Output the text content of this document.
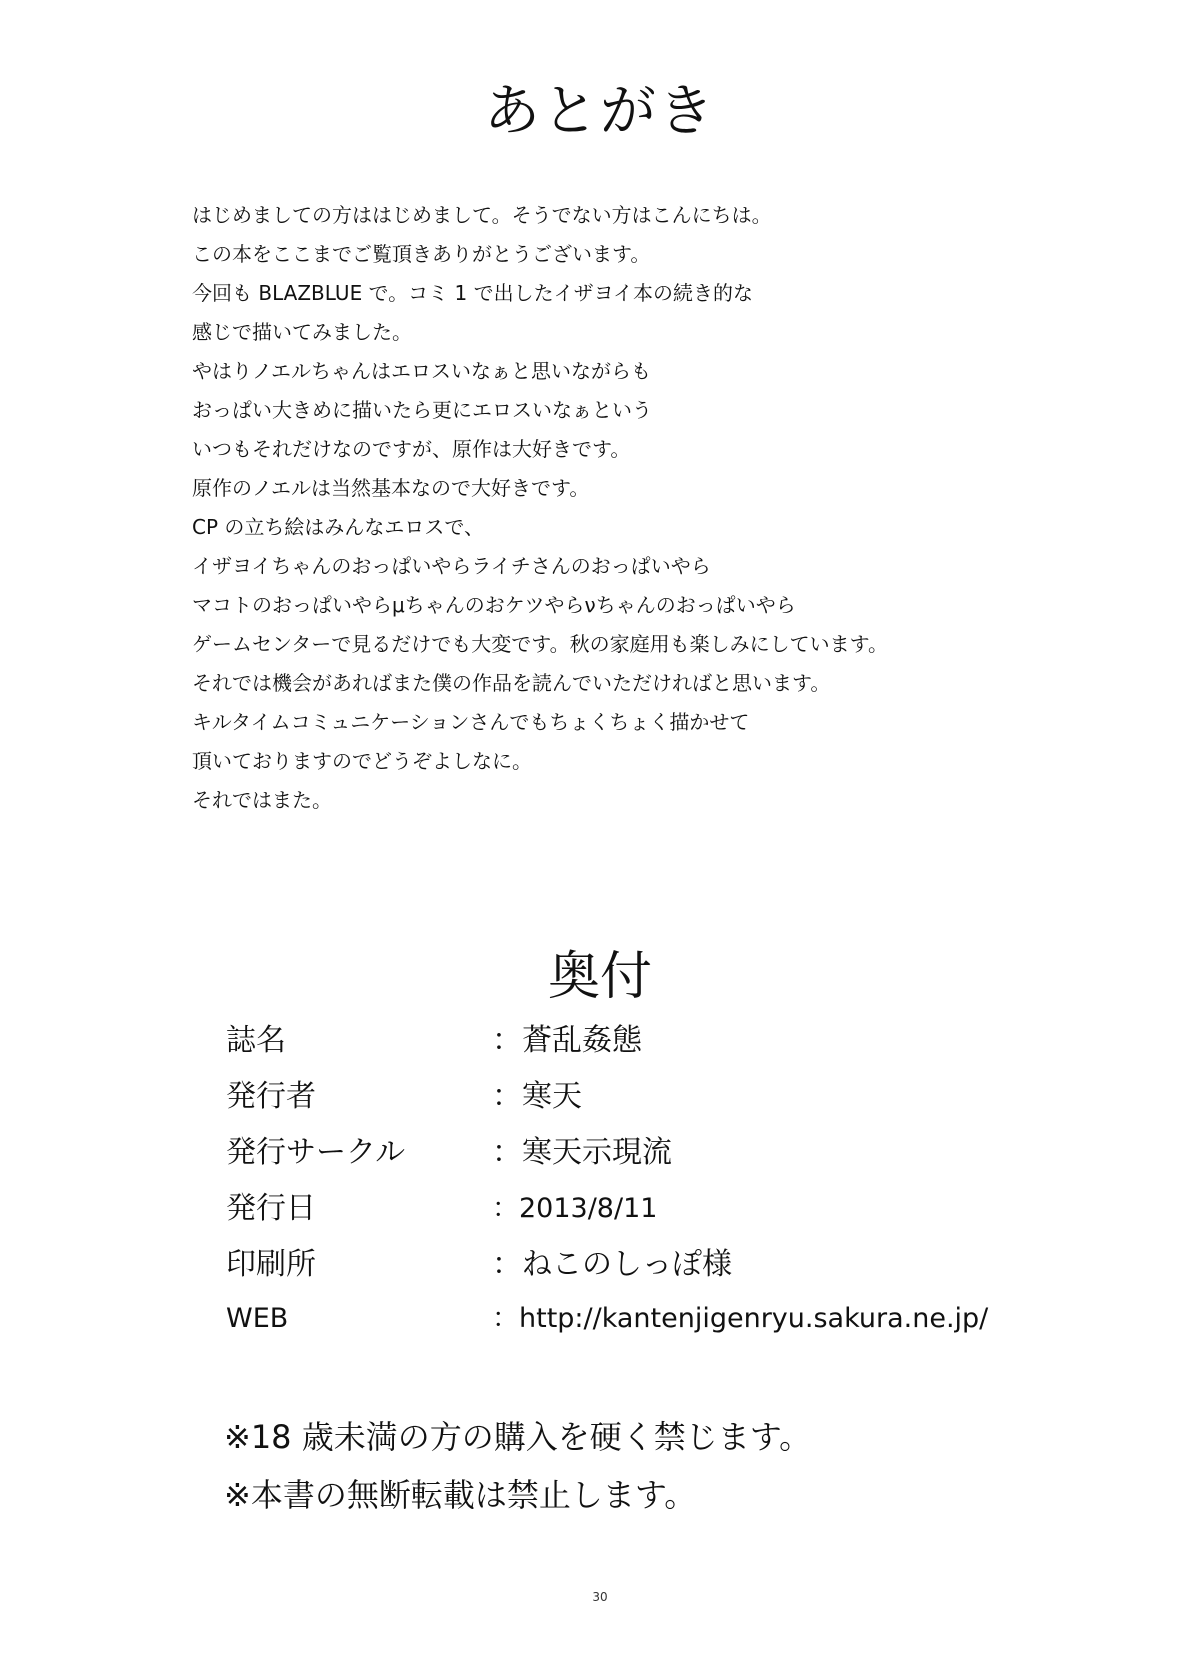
あとがき
はじめましての方ははじめまして。そうでない方はこんにちは。
この本をここまでご覧頂きありがとうございます。
今回も BLAZBLUE で。コミ 1 で出したイザヨイ本の続き的な
感じで描いてみました。
やはりノエルちゃんはエロスいなぁと思いながらも
おっぱい大きめに描いたら更にエロスいなぁという
いつもそれだけなのですが、原作は大好きです。
原作のノエルは当然基本なので大好きです。
CP の立ち絵はみんなエロスで、
イザヨイちゃんのおっぱいやらライチさんのおっぱいやら
マコトのおっぱいやらμちゃんのおケツやらνちゃんのおっぱいやら
ゲームセンターで見るだけでも大変です。秋の家庭用も楽しみにしています。
それでは機会があればまた僕の作品を読んでいただければと思います。
キルタイムコミュニケーションさんでもちょくちょく描かせて
頂いておりますのでどうぞよしなに。
それではまた。
奥付
誌名	：蒼乱姦態
発行者	：寒天
発行サークル	：寒天示現流
発行日	：2013/8/11
印刷所	：ねこのしっぽ様
WEB	：http://kantenjigenryu.sakura.ne.jp/
※18 歳未満の方の購入を硬く禁じます。
※本書の無断転載は禁止します。
30
